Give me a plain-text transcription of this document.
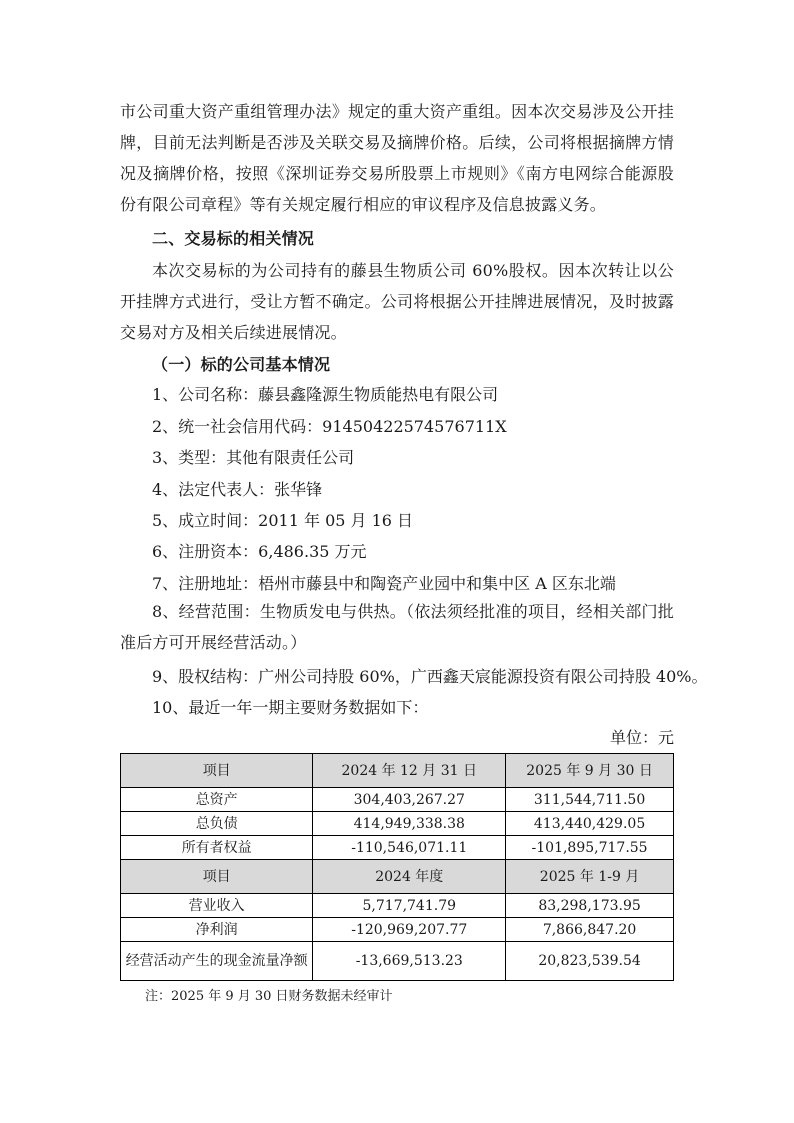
市公司重大资产重组管理办法》规定的重大资产重组。因本次交易涉及公开挂牌，目前无法判断是否涉及关联交易及摘牌价格。后续，公司将根据摘牌方情况及摘牌价格，按照《深圳证券交易所股票上市规则》《南方电网综合能源股份有限公司章程》等有关规定履行相应的审议程序及信息披露义务。
二、交易标的相关情况
本次交易标的为公司持有的藤县生物质公司 60%股权。因本次转让以公开挂牌方式进行，受让方暂不确定。公司将根据公开挂牌进展情况，及时披露交易对方及相关后续进展情况。
（一）标的公司基本情况
1、公司名称：藤县鑫隆源生物质能热电有限公司
2、统一社会信用代码：91450422574576711X
3、类型：其他有限责任公司
4、法定代表人：张华锋
5、成立时间：2011 年 05 月 16 日
6、注册资本：6,486.35 万元
7、注册地址：梧州市藤县中和陶瓷产业园中和集中区 A 区东北端
8、经营范围：生物质发电与供热。（依法须经批准的项目，经相关部门批准后方可开展经营活动。）
9、股权结构：广州公司持股 60%，广西鑫天宸能源投资有限公司持股 40%。
10、最近一年一期主要财务数据如下：
单位：元
项目	2024 年 12 月 31 日	2025 年 9 月 30 日
总资产	304,403,267.27	311,544,711.50
总负债	414,949,338.38	413,440,429.05
所有者权益	-110,546,071.11	-101,895,717.55
项目	2024 年度	2025 年 1-9 月
营业收入	5,717,741.79	83,298,173.95
净利润	-120,969,207.77	7,866,847.20
经营活动产生的现金流量净额	-13,669,513.23	20,823,539.54
注：2025 年 9 月 30 日财务数据未经审计
